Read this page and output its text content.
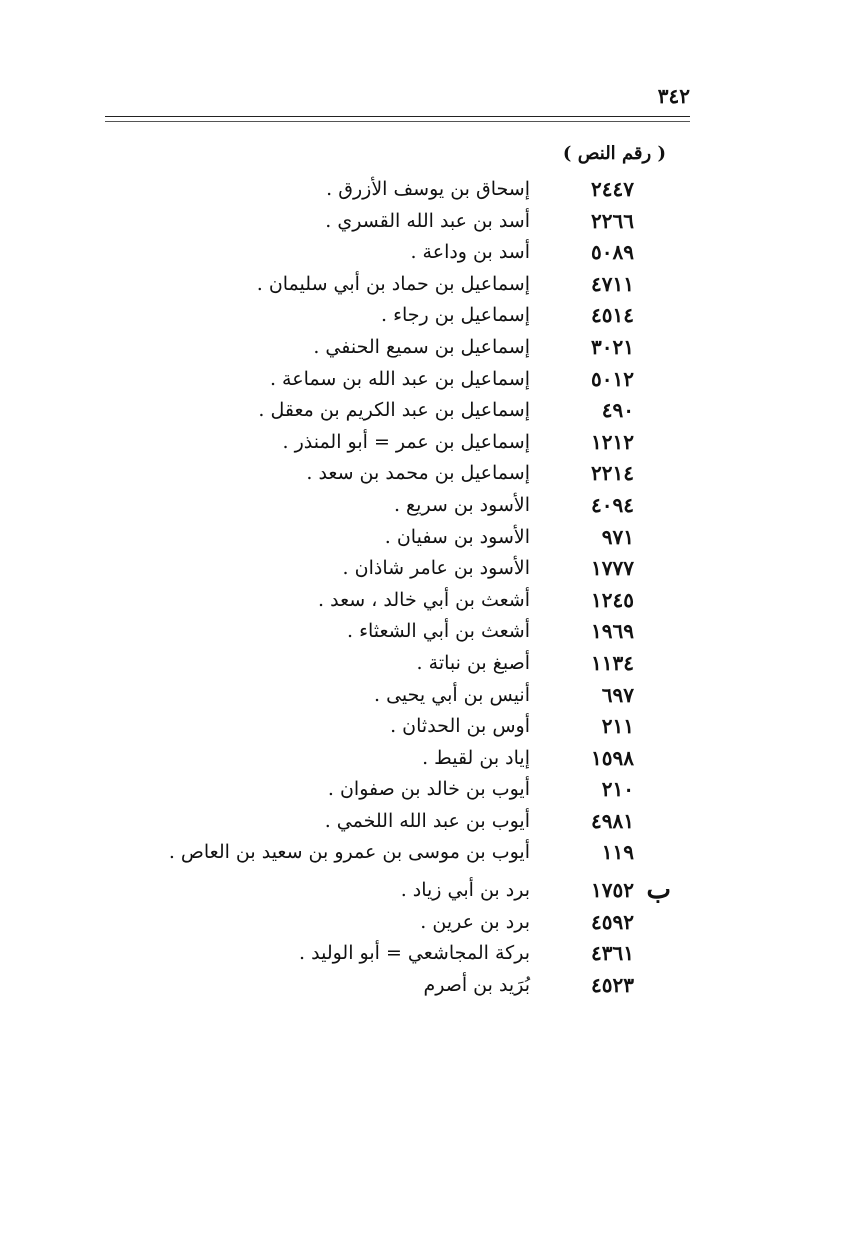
٣٤٢
( رقم النص )
٢٤٤٧
إسحاق بن يوسف الأزرق .
٢٢٦٦
أسد بن عبد الله القسري .
٥٠٨٩
أسد بن وداعة .
٤٧١١
إسماعيل بن حماد بن أبي سليمان .
٤٥١٤
إسماعيل بن رجاء .
٣٠٢١
إسماعيل بن سميع الحنفي .
٥٠١٢
إسماعيل بن عبد الله بن سماعة .
٤٩٠
إسماعيل بن عبد الكريم بن معقل .
١٢١٢
إسماعيل بن عمر = أبو المنذر .
٢٢١٤
إسماعيل بن محمد بن سعد .
٤٠٩٤
الأسود بن سريع .
٩٧١
الأسود بن سفيان .
١٧٧٧
الأسود بن عامر شاذان .
١٢٤٥
أشعث بن أبي خالد ، سعد .
١٩٦٩
أشعث بن أبي الشعثاء .
١١٣٤
أصبغ بن نباتة .
٦٩٧
أنيس بن أبي يحيى .
٢١١
أوس بن الحدثان .
١٥٩٨
إياد بن لقيط .
٢١٠
أيوب بن خالد بن صفوان .
٤٩٨١
أيوب بن عبد الله اللخمي .
١١٩
أيوب بن موسى بن عمرو بن سعيد بن العاص .
ب
١٧٥٢
برد بن أبي زياد .
٤٥٩٢
برد بن عرين .
٤٣٦١
بركة المجاشعي = أبو الوليد .
٤٥٢٣
بُرَيد بن أصرم
